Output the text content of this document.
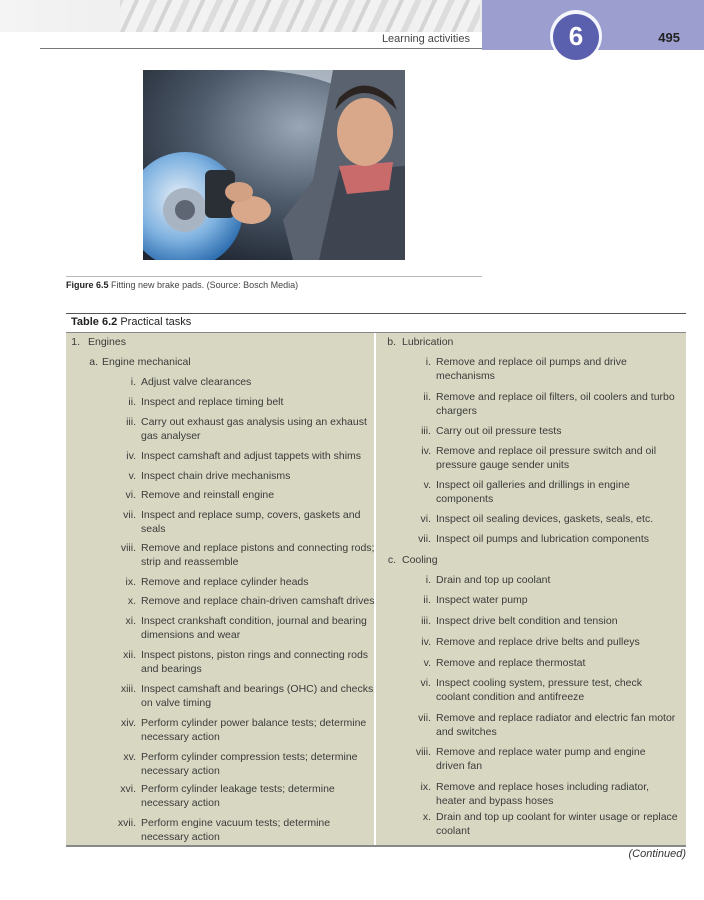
Learning activities	6	495
Figure 6.5 Fitting new brake pads. (Source: Bosch Media)
Table 6.2 Practical tasks
1. Engines
a. Engine mechanical
i. Adjust valve clearances
ii. Inspect and replace timing belt
iii. Carry out exhaust gas analysis using an exhaust
gas analyser
iv. Inspect camshaft and adjust tappets with shims
v. Inspect chain drive mechanisms
vi. Remove and reinstall engine
vii. Inspect and replace sump, covers, gaskets and
seals
viii. Remove and replace pistons and connecting rods;
strip and reassemble
ix. Remove and replace cylinder heads
x. Remove and replace chain-driven camshaft drives
xi. Inspect crankshaft condition, journal and bearing
dimensions and wear
xii. Inspect pistons, piston rings and connecting rods
and bearings
xiii. Inspect camshaft and bearings (OHC) and checks
on valve timing
xiv. Perform cylinder power balance tests; determine
necessary action
xv. Perform cylinder compression tests; determine
necessary action
xvi. Perform cylinder leakage tests; determine
necessary action
xvii. Perform engine vacuum tests; determine
necessary action
b. Lubrication
i. Remove and replace oil pumps and drive
mechanisms
ii. Remove and replace oil filters, oil coolers and turbo
chargers
iii. Carry out oil pressure tests
iv. Remove and replace oil pressure switch and oil
pressure gauge sender units
v. Inspect oil galleries and drillings in engine
components
vi. Inspect oil sealing devices, gaskets, seals, etc.
vii. Inspect oil pumps and lubrication components
c. Cooling
i. Drain and top up coolant
ii. Inspect water pump
iii. Inspect drive belt condition and tension
iv. Remove and replace drive belts and pulleys
v. Remove and replace thermostat
vi. Inspect cooling system, pressure test, check
coolant condition and antifreeze
vii. Remove and replace radiator and electric fan motor
and switches
viii. Remove and replace water pump and engine
driven fan
ix. Remove and replace hoses including radiator,
heater and bypass hoses
x. Drain and top up coolant for winter usage or replace
coolant
(Continued)
